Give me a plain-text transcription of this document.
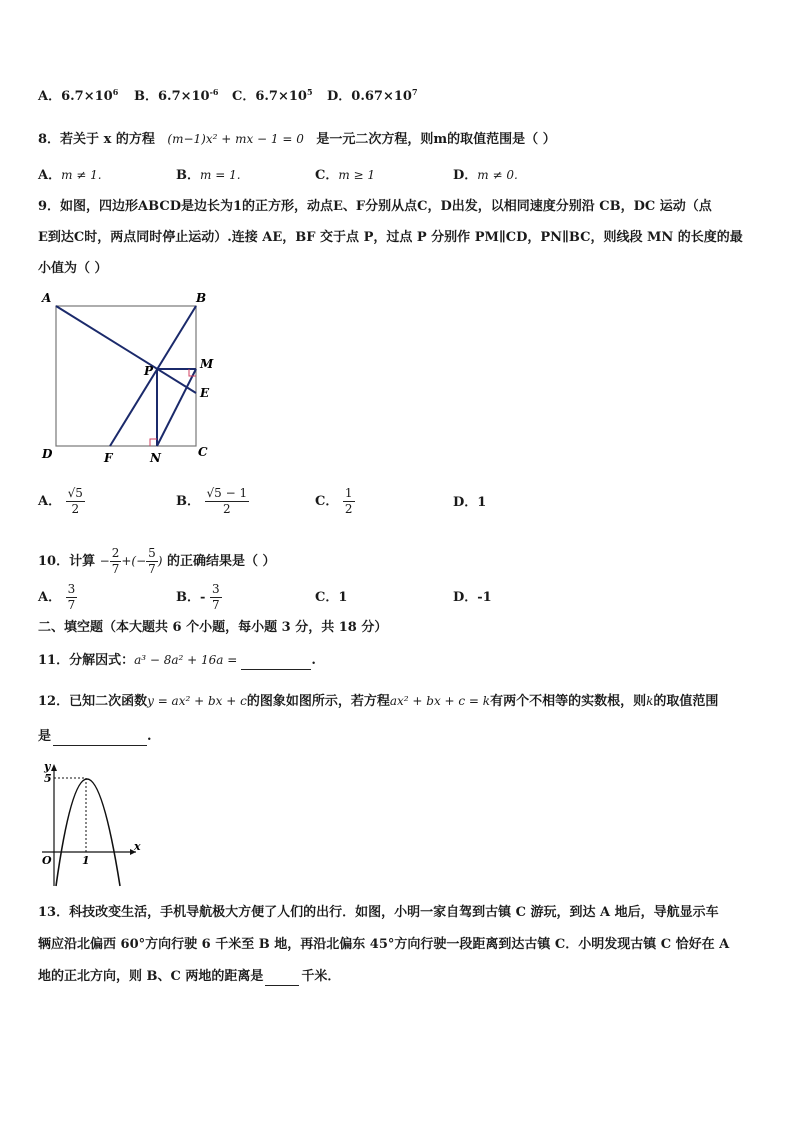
A．$6.7\times 10^6$ B．$6.7\times 10^{-6}$ C．$6.7\times 10^5$ D．$0.67\times 10^7$
8．若关于 x 的方程 (m−1)x² + mx − 1 = 0 是一元二次方程，则m的取值范围是（ ）
A．m ≠ 1.	B．m = 1.	C．m ≥ 1	D．m ≠ 0.
9．如图，四边形ABCD是边长为1的正方形，动点E、F分别从点C，D出发，以相同速度分别沿 CB，DC 运动（点
E到达C时，两点同时停止运动）.连接 AE，BF 交于点 P，过点 P 分别作 PM∥CD，PN∥BC，则线段 MN 的长度的最
小值为（ ）
A	B
C
D
E
F
M
N
P
A． $\frac{√5}{2}$	B． $\frac{√5 - 1}{2}$	C． $\frac{1}{2}$	D．1
10．计算 − $\frac{2}{7}$ +(− $\frac{5}{7}$ ) 的正确结果是（ ）
A． $\frac{3}{7}$	B．- $\frac{3}{7}$	C．1	D．-1
二、填空题（本大题共 6 个小题，每小题 3 分，共 18 分）
11．分解因式：a³ − 8a² + 16a =	.
12．已知二次函数y = ax² + bx + c的图象如图所示，若方程ax² + bx + c = k有两个不相等的实数根，则k的取值范围
是	.
y
x
O
5
1
13．科技改变生活，手机导航极大方便了人们的出行．如图，小明一家自驾到古镇 C 游玩，到达 A 地后，导航显示车
辆应沿北偏西 60°方向行驶 6 千米至 B 地，再沿北偏东 45°方向行驶一段距离到达古镇 C．小明发现古镇 C 恰好在 A
地的正北方向，则 B、C 两地的距离是	千米．
